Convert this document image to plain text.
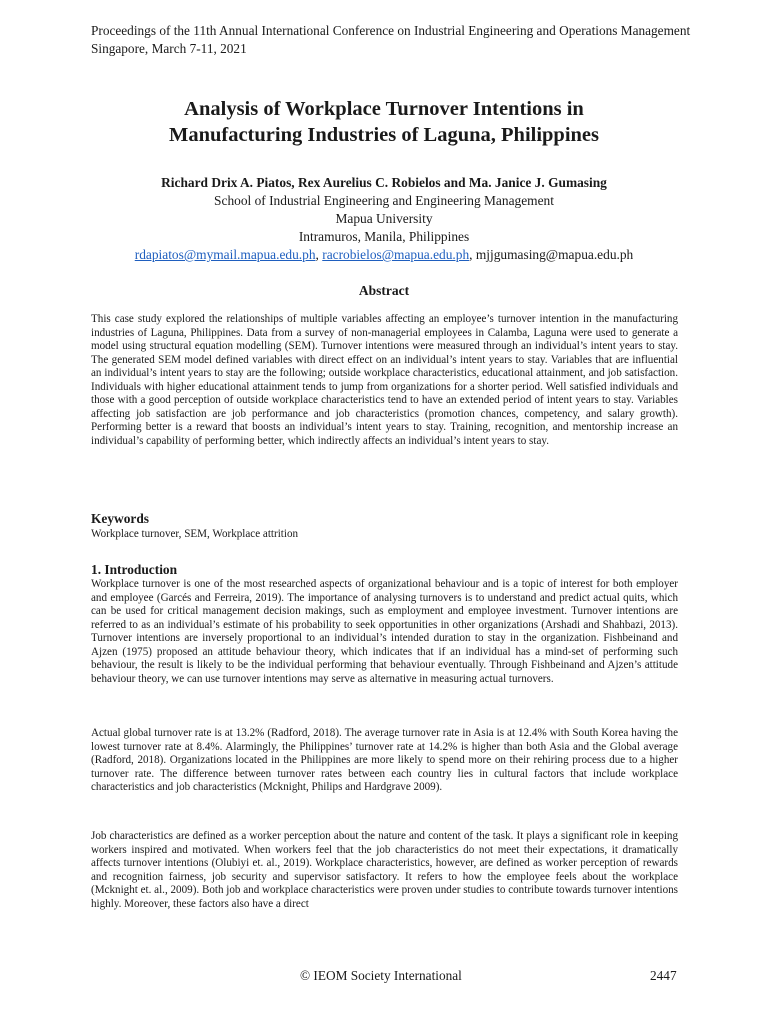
Proceedings of the 11th Annual International Conference on Industrial Engineering and Operations Management
Singapore, March 7-11, 2021
Analysis of Workplace Turnover Intentions in
Manufacturing Industries of Laguna, Philippines
Richard Drix A. Piatos, Rex Aurelius C. Robielos and Ma. Janice J. Gumasing
School of Industrial Engineering and Engineering Management
Mapua University
Intramuros, Manila, Philippines
rdapiatos@mymail.mapua.edu.ph, racrobielos@mapua.edu.ph, mjjgumasing@mapua.edu.ph
Abstract

This case study explored the relationships of multiple variables affecting an employee’s turnover intention in the manufacturing industries of Laguna, Philippines. Data from a survey of non-managerial employees in Calamba, Laguna were used to generate a model using structural equation modelling (SEM). Turnover intentions were measured through an individual’s intent years to stay. The generated SEM model defined variables with direct effect on an individual’s intent years to stay. Variables that are influential an individual’s intent years to stay are the following; outside workplace characteristics, educational attainment, and job satisfaction. Individuals with higher educational attainment tends to jump from organizations for a shorter period. Well satisfied individuals and those with a good perception of outside workplace characteristics tend to have an extended period of intent years to stay. Variables affecting job satisfaction are job performance and job characteristics (promotion chances, competency, and salary growth). Performing better is a reward that boosts an individual’s intent years to stay. Training, recognition, and mentorship increase an individual’s capability of performing better, which indirectly affects an individual’s intent years to stay.

Keywords
Workplace turnover, SEM, Workplace attrition
1. Introduction

Workplace turnover is one of the most researched aspects of organizational behaviour and is a topic of interest for both employer and employee (Garcés and Ferreira, 2019). The importance of analysing turnovers is to understand and predict actual quits, which can be used for critical management decision makings, such as employment and employee investment. Turnover intentions are referred to as an individual’s estimate of his probability to seek opportunities in other organizations (Arshadi and Shahbazi, 2013). Turnover intentions are inversely proportional to an individual’s intended duration to stay in the organization. Fishbeinand and Ajzen (1975) proposed an attitude behaviour theory, which indicates that if an individual has a mind-set of performing such behaviour, the result is likely to be the individual performing that behaviour eventually. Through Fishbeinand and Ajzen’s attitude behaviour theory, we can use turnover intentions may serve as alternative in measuring actual turnovers.

Actual global turnover rate is at 13.2% (Radford, 2018). The average turnover rate in Asia is at 12.4% with South Korea having the lowest turnover rate at 8.4%. Alarmingly, the Philippines’ turnover rate at 14.2% is higher than both Asia and the Global average (Radford, 2018). Organizations located in the Philippines are more likely to spend more on their rehiring process due to a higher turnover rate. The difference between turnover rates between each country lies in cultural factors that include workplace characteristics and job characteristics (Mcknight, Philips and Hardgrave 2009).

Job characteristics are defined as a worker perception about the nature and content of the task. It plays a significant role in keeping workers inspired and motivated. When workers feel that the job characteristics do not meet their expectations, it dramatically affects turnover intentions (Olubiyi et. al., 2019). Workplace characteristics, however, are defined as worker perception of rewards and recognition fairness, job security and supervisor satisfactory. It refers to how the employee feels about the workplace (Mcknight et. al., 2009). Both job and workplace characteristics were proven under studies to contribute towards turnover intentions highly. Moreover, these factors also have a direct

© IEOM Society International	2447
